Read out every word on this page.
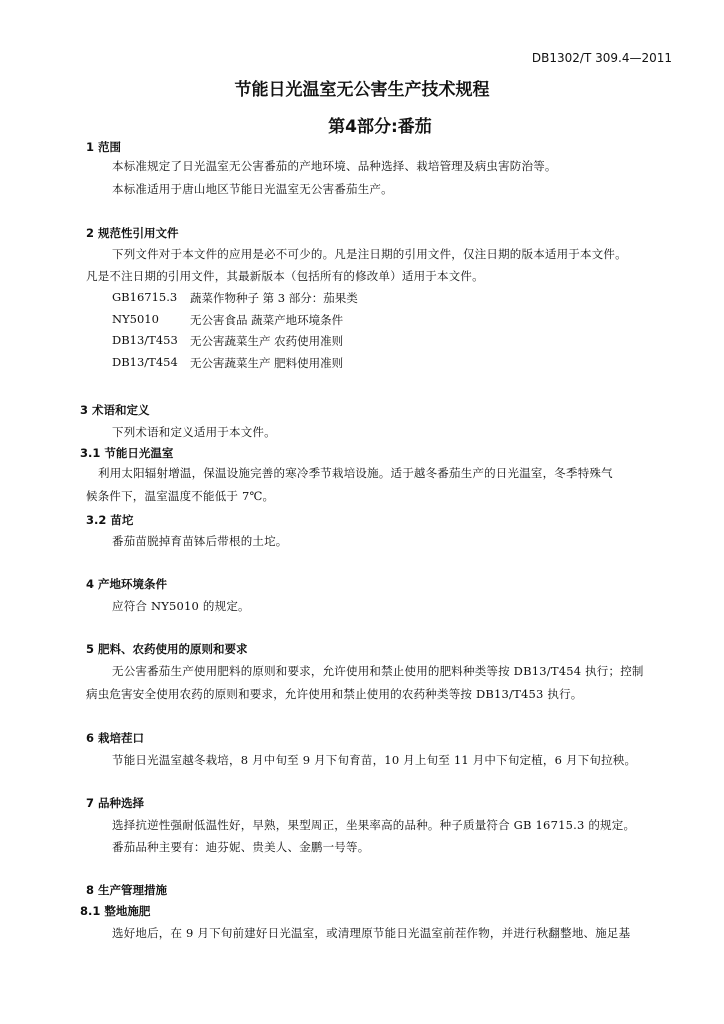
DB1302/T 309.4—2011
节能日光温室无公害生产技术规程
第4部分:番茄
1 范围
本标准规定了日光温室无公害番茄的产地环境、品种选择、栽培管理及病虫害防治等。
本标准适用于唐山地区节能日光温室无公害番茄生产。
2 规范性引用文件
下列文件对于本文件的应用是必不可少的。凡是注日期的引用文件，仅注日期的版本适用于本文件。
凡是不注日期的引用文件，其最新版本（包括所有的修改单）适用于本文件。
GB16715.3	蔬菜作物种子 第 3 部分：茄果类
NY5010	无公害食品 蔬菜产地环境条件
DB13/T453	无公害蔬菜生产 农药使用准则
DB13/T454	无公害蔬菜生产 肥料使用准则
3 术语和定义
下列术语和定义适用于本文件。
3.1 节能日光温室
利用太阳辐射增温，保温设施完善的寒冷季节栽培设施。适于越冬番茄生产的日光温室，冬季特殊气
候条件下，温室温度不能低于 7℃。
3.2 苗坨
番茄苗脱掉育苗钵后带根的土坨。
4 产地环境条件
应符合 NY5010 的规定。
5 肥料、农药使用的原则和要求
无公害番茄生产使用肥料的原则和要求，允许使用和禁止使用的肥料种类等按 DB13/T454 执行；控制
病虫危害安全使用农药的原则和要求，允许使用和禁止使用的农药种类等按 DB13/T453 执行。
6 栽培茬口
节能日光温室越冬栽培，8 月中旬至 9 月下旬育苗，10 月上旬至 11 月中下旬定植，6 月下旬拉秧。
7 品种选择
选择抗逆性强耐低温性好，早熟，果型周正，坐果率高的品种。种子质量符合 GB 16715.3 的规定。
番茄品种主要有：迪芬妮、贵美人、金鹏一号等。
8 生产管理措施
8.1 整地施肥
选好地后，在 9 月下旬前建好日光温室，或清理原节能日光温室前茬作物，并进行秋翻整地、施足基
